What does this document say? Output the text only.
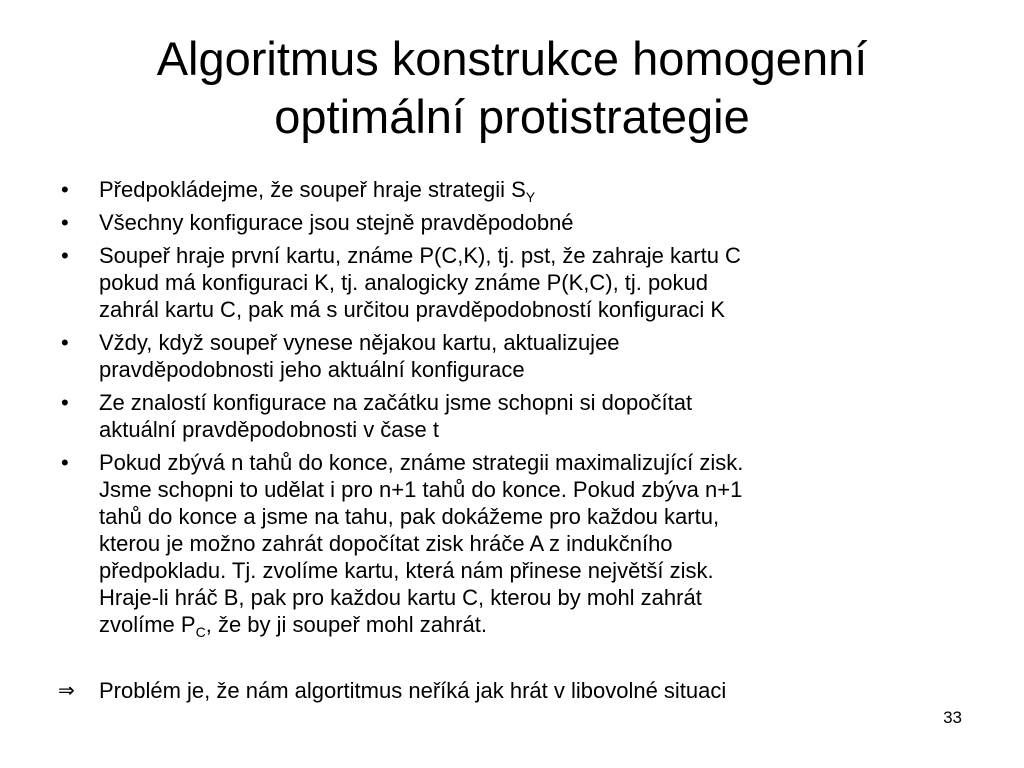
Algoritmus konstrukce homogenní
optimální protistrategie
• Předpokládejme, že soupeř hraje strategii $S_Y$
• Všechny konfigurace jsou stejně pravděpodobné
• Soupeř hraje první kartu, známe P(C,K), tj. pst, že zahraje kartu C
pokud má konfiguraci K, tj. analogicky známe P(K,C), tj. pokud
zahrál kartu C, pak má s určitou pravděpodobností konfiguraci K
• Vždy, když soupeř vynese nějakou kartu, aktualizujee
pravděpodobnosti jeho aktuální konfigurace
• Ze znalostí konfigurace na začátku jsme schopni si dopočítat
aktuální pravděpodobnosti v čase t
• Pokud zbývá n tahů do konce, známe strategii maximalizující zisk.
Jsme schopni to udělat i pro n+1 tahů do konce. Pokud zbýva n+1
tahů do konce a jsme na tahu, pak dokážeme pro každou kartu,
kterou je možno zahrát dopočítat zisk hráče A z indukčního
předpokladu. Tj. zvolíme kartu, která nám přinese největší zisk.
Hraje-li hráč B, pak pro každou kartu C, kterou by mohl zahrát
zvolíme $P_C$, že by ji soupeř mohl zahrát.
⇒ Problém je, že nám algortitmus neříká jak hrát v libovolné situaci
33
